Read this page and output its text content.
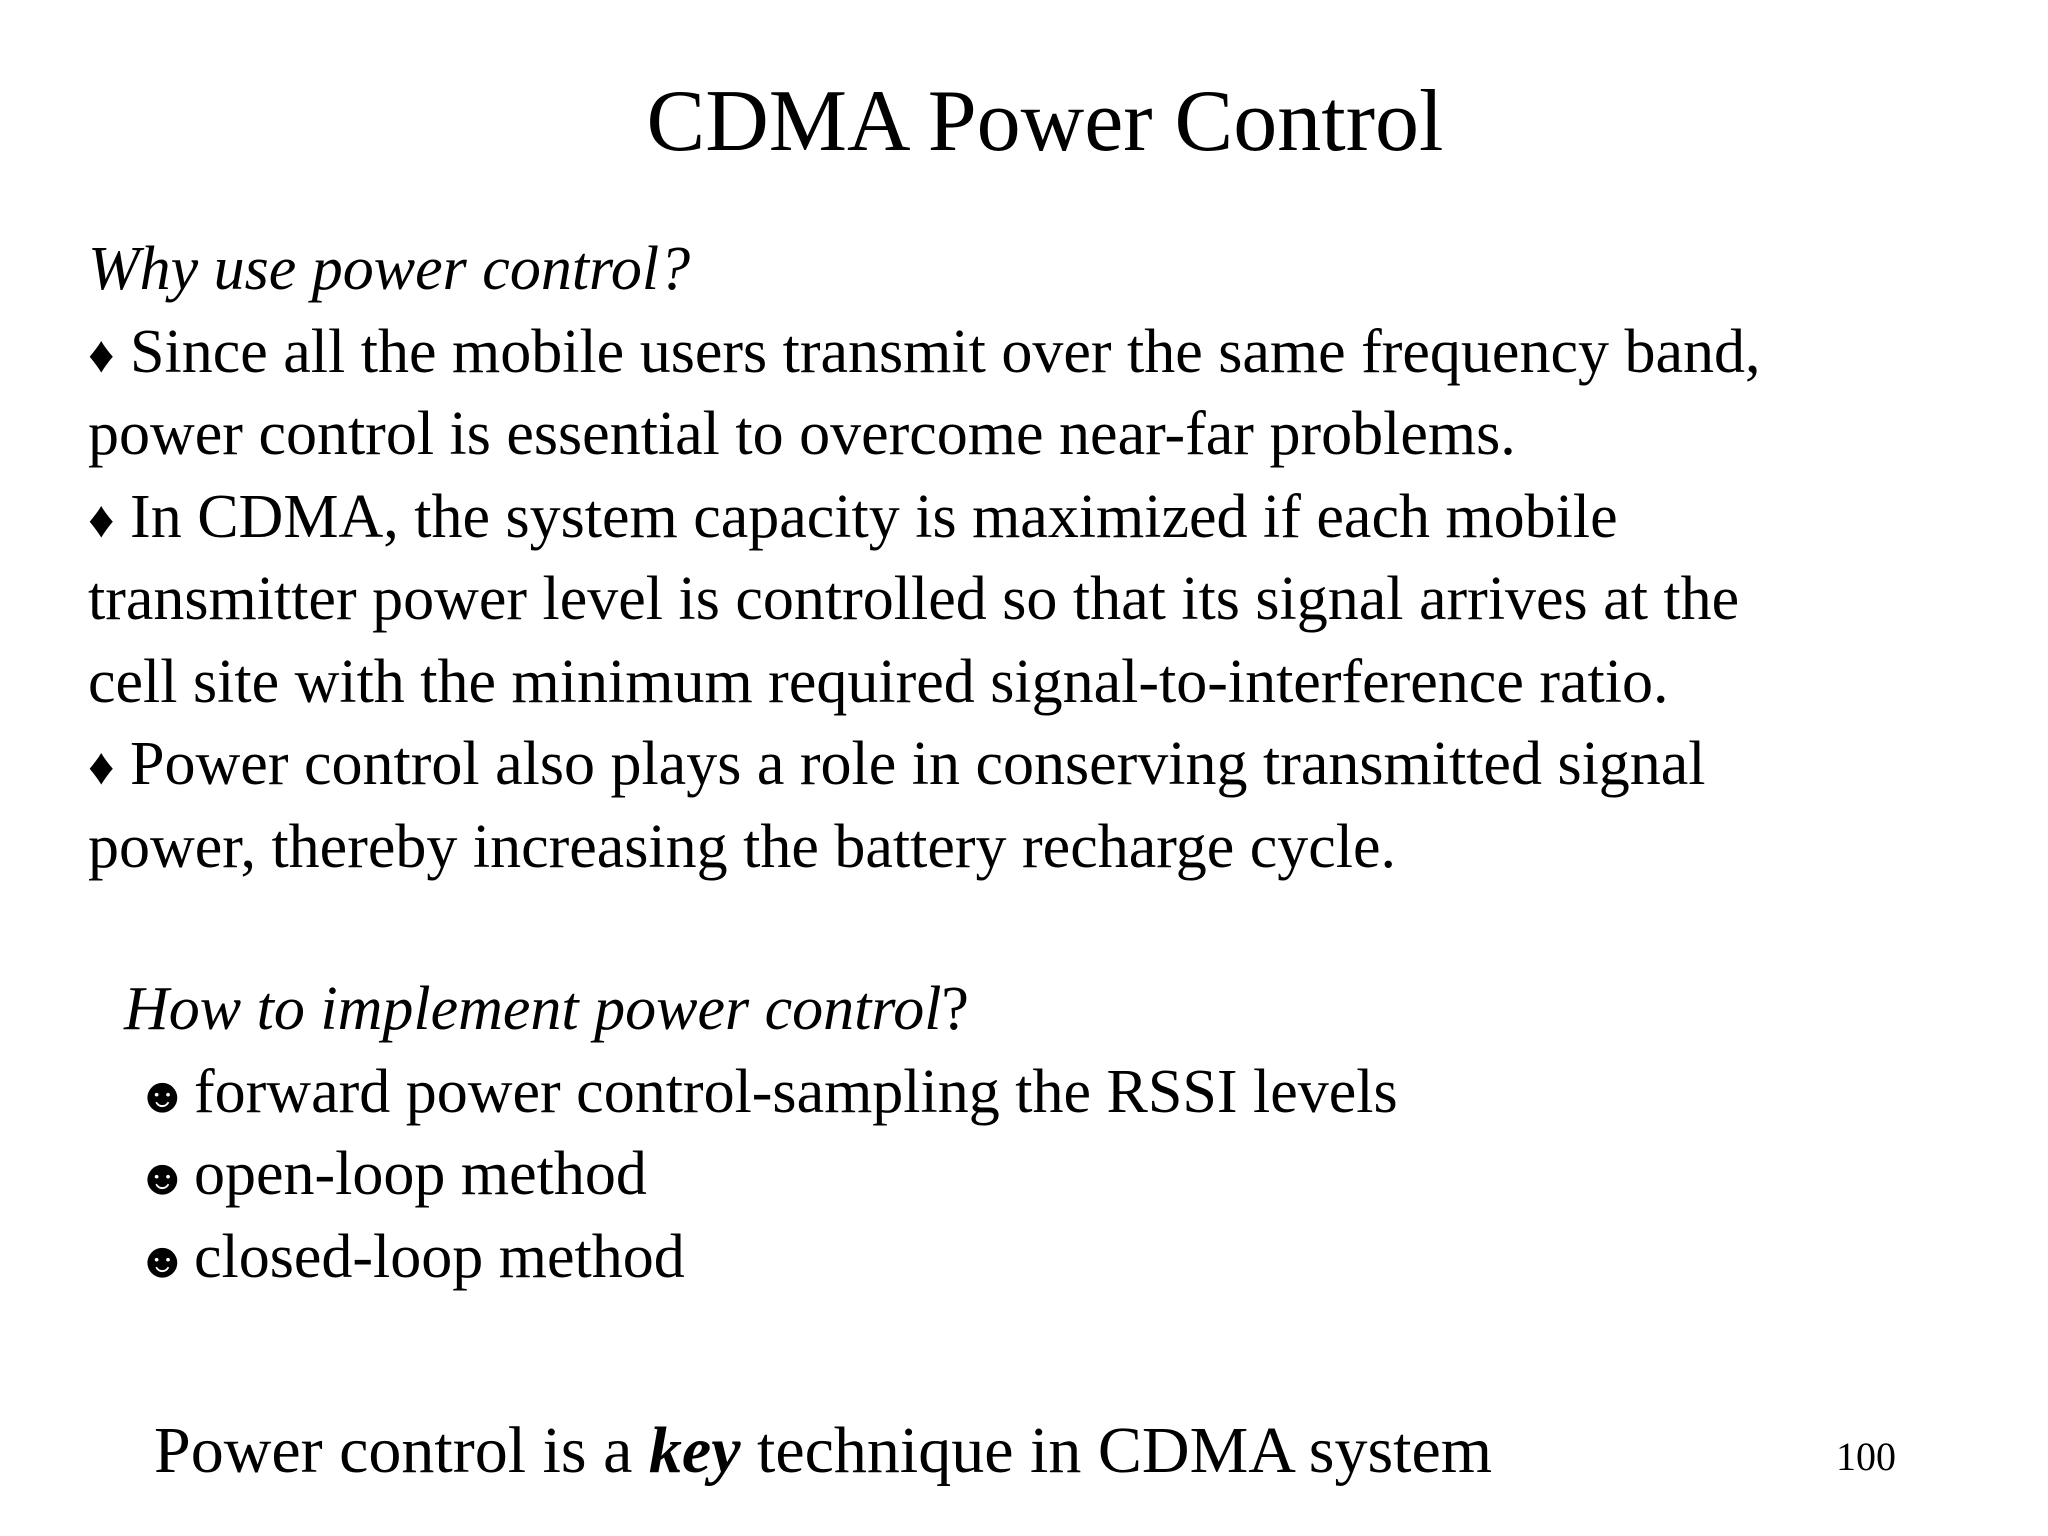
CDMA Power Control
Why use power control?
♦ Since all the mobile users transmit over the same frequency band,
power control is essential to overcome near-far problems.
♦ In CDMA, the system capacity is maximized if each mobile
transmitter power level is controlled so that its signal arrives at the
cell site with the minimum required signal-to-interference ratio.
♦ Power control also plays a role in conserving transmitted signal
power, thereby increasing the battery recharge cycle.
How to implement power control?
☻forward power control-sampling the RSSI levels
☻open-loop method
☻closed-loop method
Power control is a key technique in CDMA system	100
